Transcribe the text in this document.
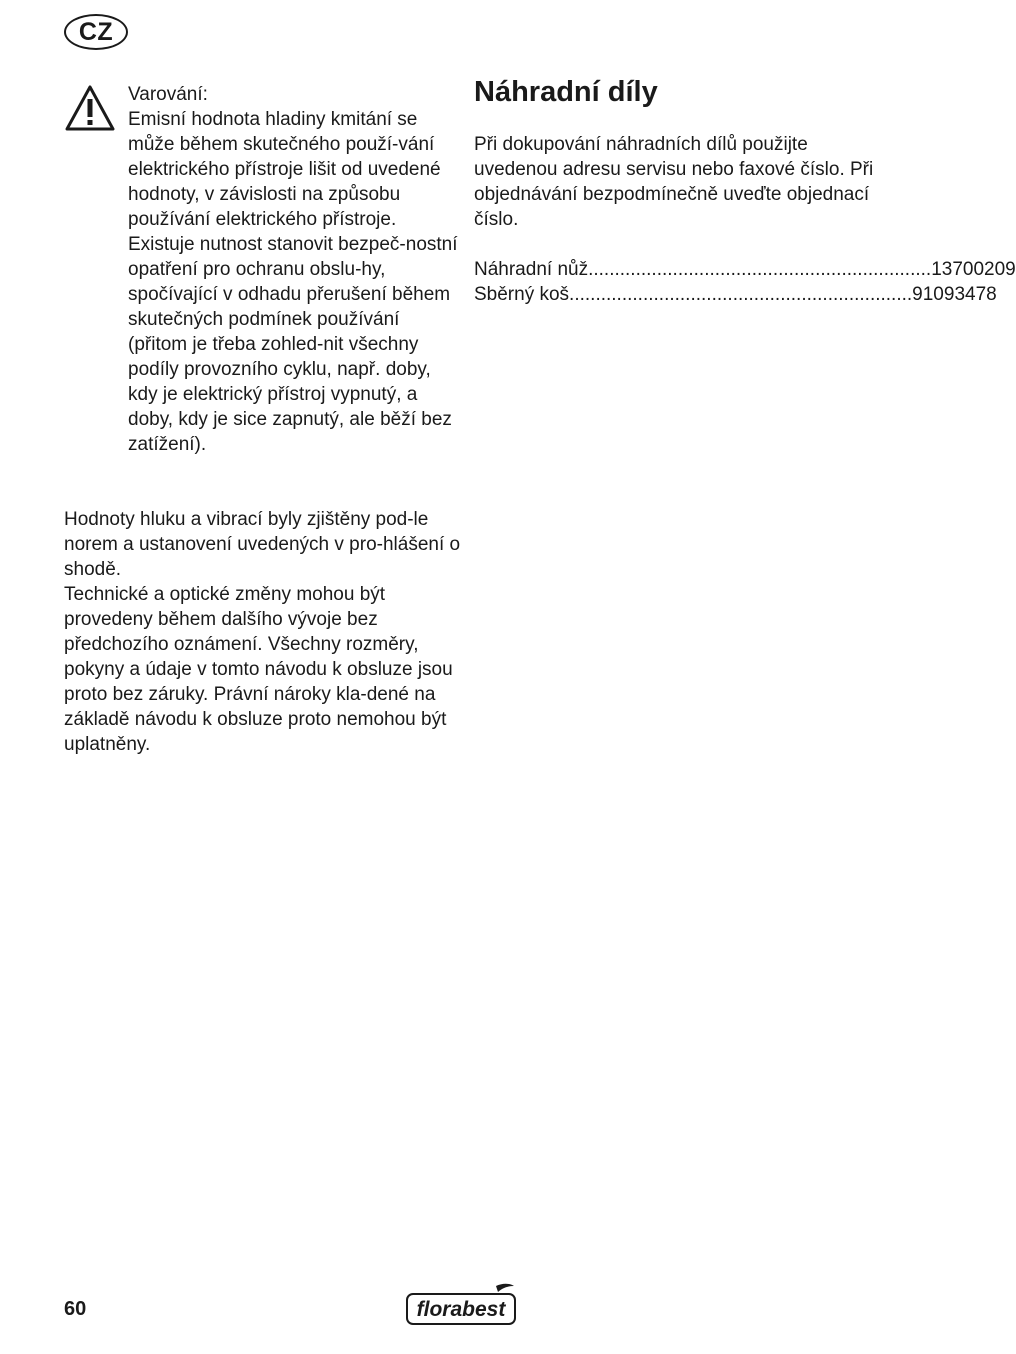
CZ

Varování:
Emisní hodnota hladiny kmitání se může během skutečného použí-vání elektrického přístroje lišit od uvedené hodnoty, v závislosti na způsobu používání elektrického přístroje.
Existuje nutnost stanovit bezpeč-nostní opatření pro ochranu obslu-hy, spočívající v odhadu přerušení během skutečných podmínek používání (přitom je třeba zohled-nit všechny podíly provozního cyklu, např. doby, kdy je elektrický přístroj vypnutý, a doby, kdy je sice zapnutý, ale běží bez zatížení).

Hodnoty hluku a vibrací byly zjištěny pod-le norem a ustanovení uvedených v pro-hlášení o shodě.
Technické a optické změny mohou být provedeny během dalšího vývoje bez předchozího oznámení. Všechny rozměry, pokyny a údaje v tomto návodu k obsluze jsou proto bez záruky. Právní nároky kla-dené na základě návodu k obsluze proto nemohou být uplatněny.

Náhradní díly

Při dokupování náhradních dílů použijte uvedenou adresu servisu nebo faxové číslo. Při objednávání bezpodmínečně uveďte objednací číslo.

Náhradní nůž................................................................. 13700209
Sběrný koš................................................................. 91093478
60	florabest
